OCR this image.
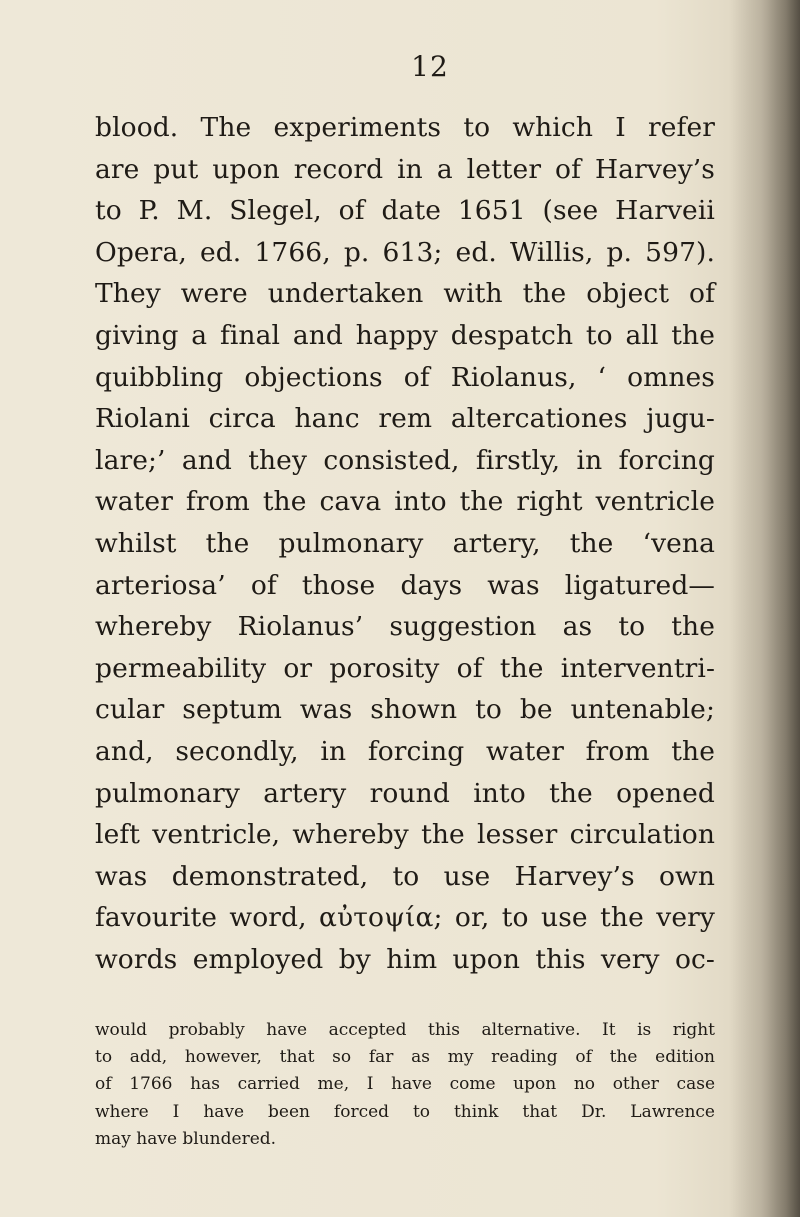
12
blood. The experiments to which I refer
are put upon record in a letter of Harvey’s
to P. M. Slegel, of date 1651 (see Harveii
Opera, ed. 1766, p. 613; ed. Willis, p. 597).
They were undertaken with the object of
giving a final and happy despatch to all the
quibbling objections of Riolanus, ‘ omnes
Riolani circa hanc rem altercationes jugu-
lare;’ and they consisted, firstly, in forcing
water from the cava into the right ventricle
whilst the pulmonary artery, the ‘vena
arteriosa’ of those days was ligatured—
whereby Riolanus’ suggestion as to the
permeability or porosity of the interventri-
cular septum was shown to be untenable;
and, secondly, in forcing water from the
pulmonary artery round into the opened
left ventricle, whereby the lesser circulation
was demonstrated, to use Harvey’s own
favourite word, αὐτοψία; or, to use the very
words employed by him upon this very oc-
would probably have accepted this alternative. It is right
to add, however, that so far as my reading of the edition
of 1766 has carried me, I have come upon no other case
where I have been forced to think that Dr. Lawrence
may have blundered.
